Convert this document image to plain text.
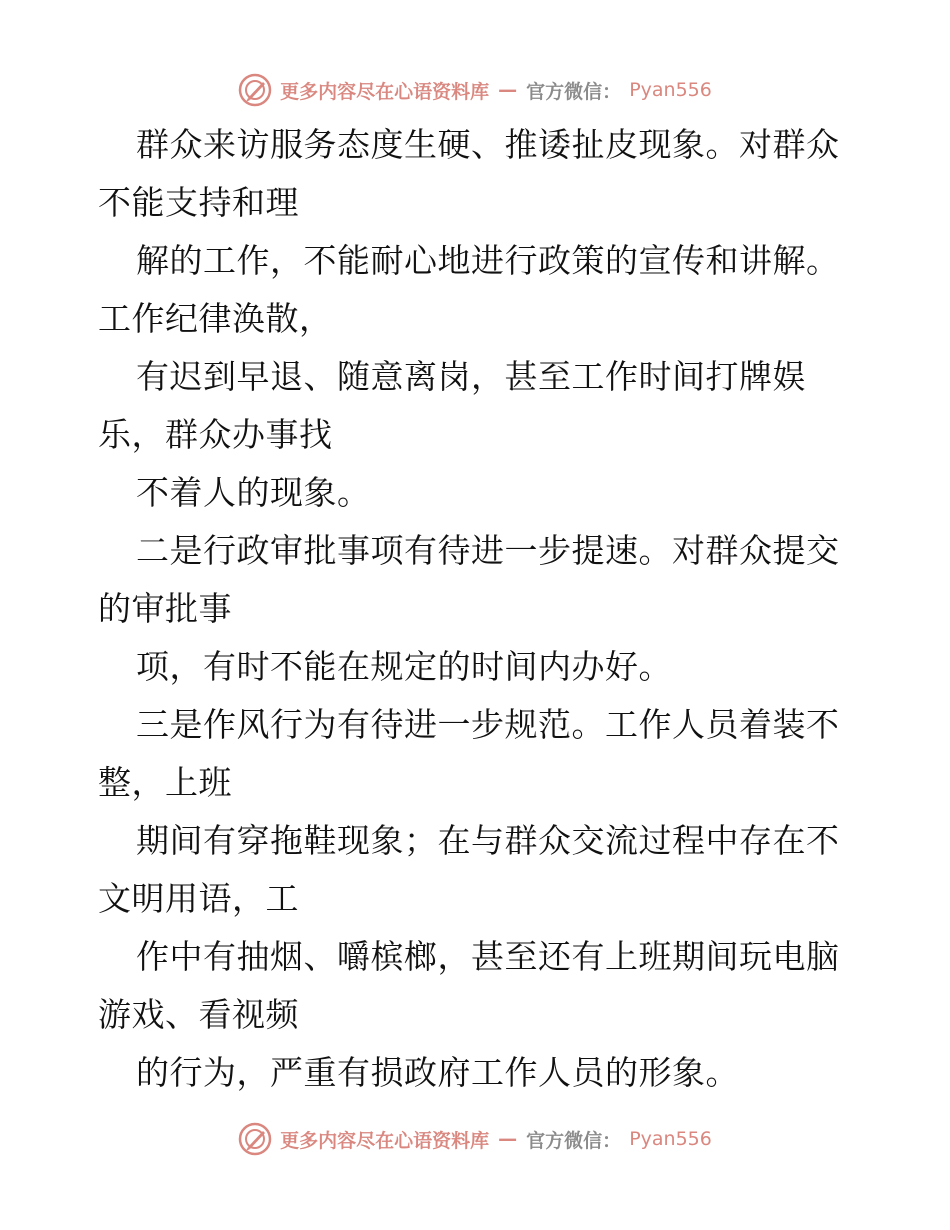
更多内容尽在心语资料库 — 官方微信： Pyan556
群众来访服务态度生硬、推诿扯皮现象。对群众
不能支持和理
解的工作，不能耐心地进行政策的宣传和讲解。
工作纪律涣散，
有迟到早退、随意离岗，甚至工作时间打牌娱
乐，群众办事找
不着人的现象。
二是行政审批事项有待进一步提速。对群众提交
的审批事
项，有时不能在规定的时间内办好。
三是作风行为有待进一步规范。工作人员着装不
整，上班
期间有穿拖鞋现象；在与群众交流过程中存在不
文明用语，工
作中有抽烟、嚼槟榔，甚至还有上班期间玩电脑
游戏、看视频
的行为，严重有损政府工作人员的形象。
更多内容尽在心语资料库 — 官方微信： Pyan556
